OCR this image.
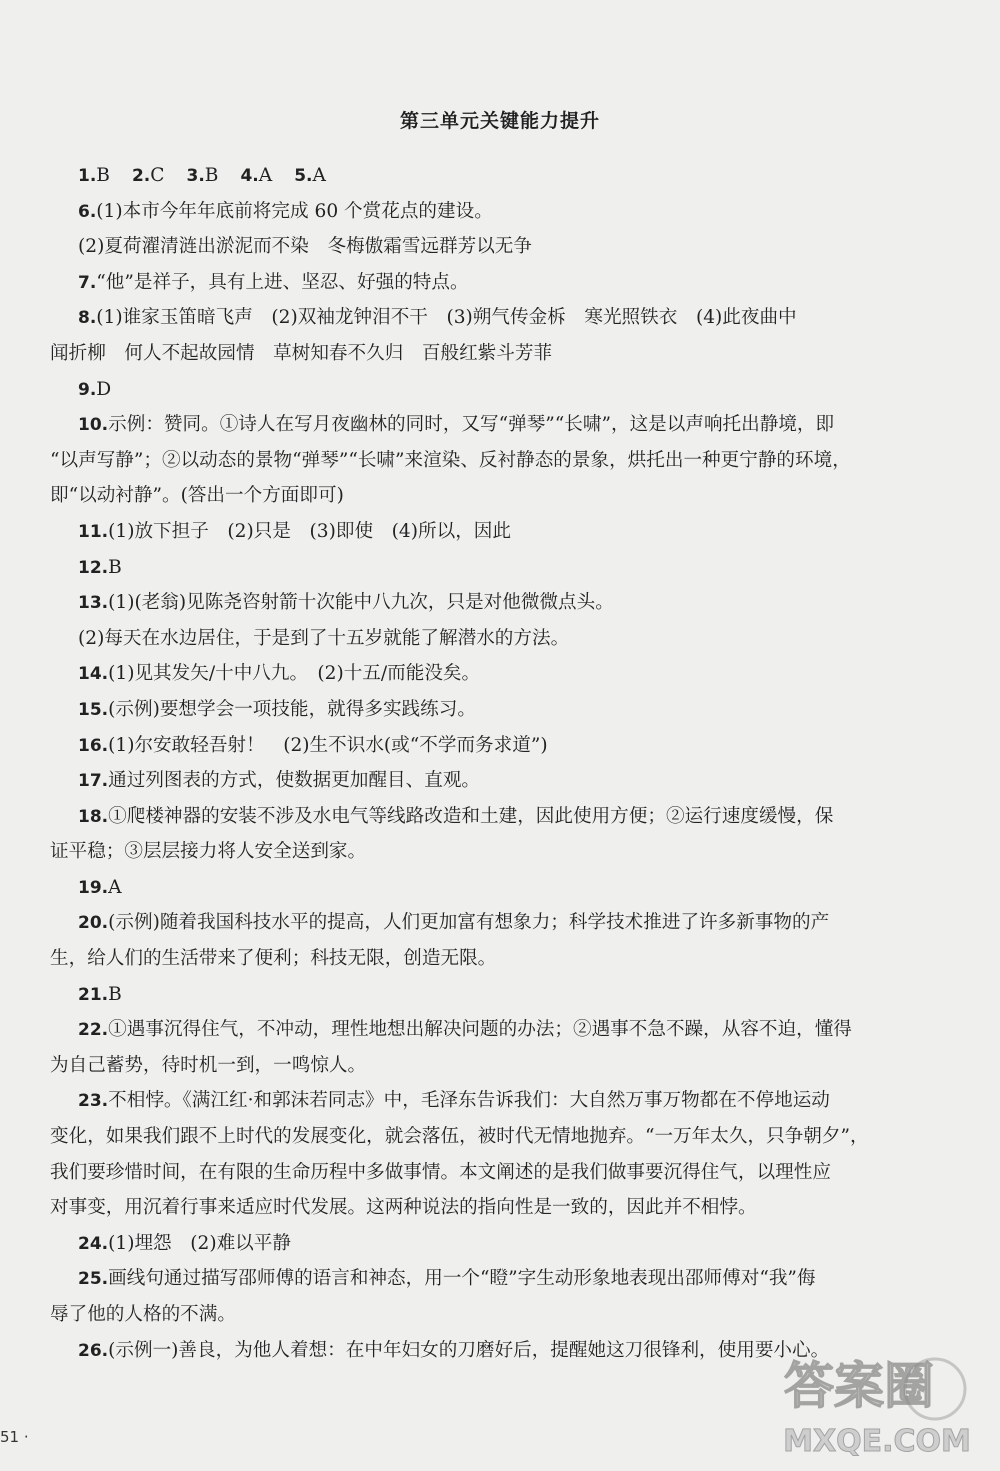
第三单元关键能力提升
1.B 2.C 3.B 4.A 5.A
6.(1)本市今年年底前将完成 60 个赏花点的建设。
(2)夏荷濯清涟出淤泥而不染　冬梅傲霜雪远群芳以无争
7.“他”是祥子，具有上进、坚忍、好强的特点。
8.(1)谁家玉笛暗飞声　(2)双袖龙钟泪不干　(3)朔气传金柝　寒光照铁衣　(4)此夜曲中
闻折柳　何人不起故园情　草树知春不久归　百般红紫斗芳菲
9.D
10.示例：赞同。①诗人在写月夜幽林的同时，又写“弹琴”“长啸”，这是以声响托出静境，即
“以声写静”；②以动态的景物“弹琴”“长啸”来渲染、反衬静态的景象，烘托出一种更宁静的环境，
即“以动衬静”。(答出一个方面即可)
11.(1)放下担子　(2)只是　(3)即使　(4)所以，因此
12.B
13.(1)(老翁)见陈尧咨射箭十次能中八九次，只是对他微微点头。
(2)每天在水边居住，于是到了十五岁就能了解潜水的方法。
14.(1)见其发矢/十中八九。　(2)十五/而能没矣。
15.(示例)要想学会一项技能，就得多实践练习。
16.(1)尔安敢轻吾射！　(2)生不识水(或“不学而务求道”)
17.通过列图表的方式，使数据更加醒目、直观。
18.①爬楼神器的安装不涉及水电气等线路改造和土建，因此使用方便；②运行速度缓慢，保
证平稳；③层层接力将人安全送到家。
19.A
20.(示例)随着我国科技水平的提高，人们更加富有想象力；科学技术推进了许多新事物的产
生，给人们的生活带来了便利；科技无限，创造无限。
21.B
22.①遇事沉得住气，不冲动，理性地想出解决问题的办法；②遇事不急不躁，从容不迫，懂得
为自己蓄势，待时机一到，一鸣惊人。
23.不相悖。《满江红·和郭沫若同志》中，毛泽东告诉我们：大自然万事万物都在不停地运动
变化，如果我们跟不上时代的发展变化，就会落伍，被时代无情地抛弃。“一万年太久，只争朝夕”，
我们要珍惜时间，在有限的生命历程中多做事情。本文阐述的是我们做事要沉得住气，以理性应
对事变，用沉着行事来适应时代发展。这两种说法的指向性是一致的，因此并不相悖。
24.(1)埋怨　(2)难以平静
25.画线句通过描写邵师傅的语言和神态，用一个“瞪”字生动形象地表现出邵师傅对“我”侮
辱了他的人格的不满。
26.(示例一)善良，为他人着想：在中年妇女的刀磨好后，提醒她这刀很锋利，使用要小心。
51 ·
答案圈
MXQE.COM
